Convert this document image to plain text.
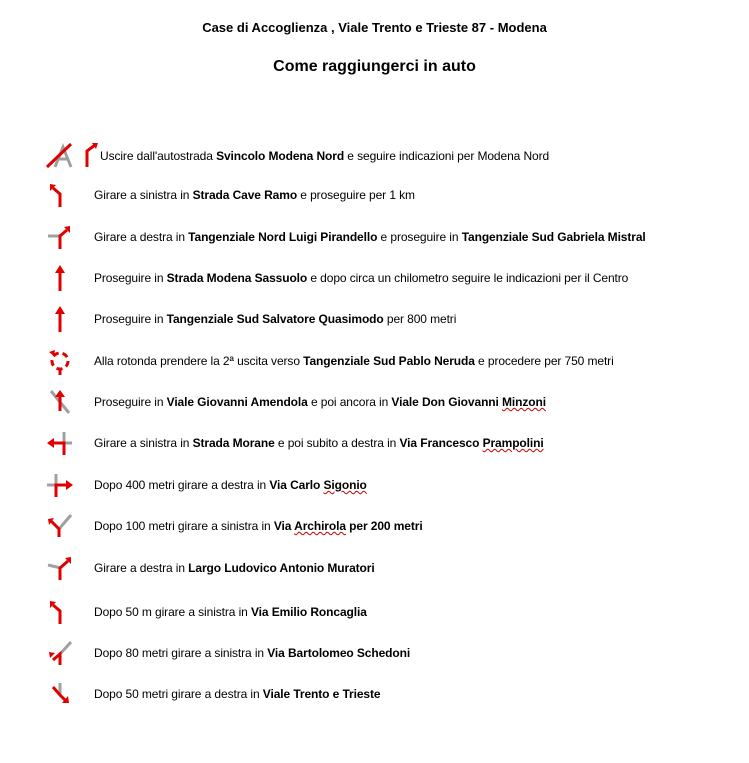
Case di Accoglienza , Viale Trento e Trieste 87 - Modena
Come raggiungerci in auto
Uscire dall'autostrada Svincolo Modena Nord e seguire indicazioni per Modena Nord
Girare a sinistra in Strada Cave Ramo e proseguire per 1 km
Girare a destra in Tangenziale Nord Luigi Pirandello e proseguire in Tangenziale Sud Gabriela Mistral
Proseguire in Strada Modena Sassuolo e dopo circa un chilometro seguire le indicazioni per il Centro
Proseguire in Tangenziale Sud Salvatore Quasimodo per 800 metri
Alla rotonda prendere la 2ª uscita verso Tangenziale Sud Pablo Neruda e procedere per 750 metri
Proseguire in Viale Giovanni Amendola e poi ancora in Viale Don Giovanni Minzoni
Girare a sinistra in Strada Morane e poi subito a destra in Via Francesco Prampolini
Dopo 400 metri girare a destra in Via Carlo Sigonio
Dopo 100 metri girare a sinistra in Via Archirola per 200 metri
Girare a destra in Largo Ludovico Antonio Muratori
Dopo 50 m girare a sinistra in Via Emilio Roncaglia
Dopo 80 metri girare a sinistra in Via Bartolomeo Schedoni
Dopo 50 metri girare a destra in Viale Trento e Trieste
